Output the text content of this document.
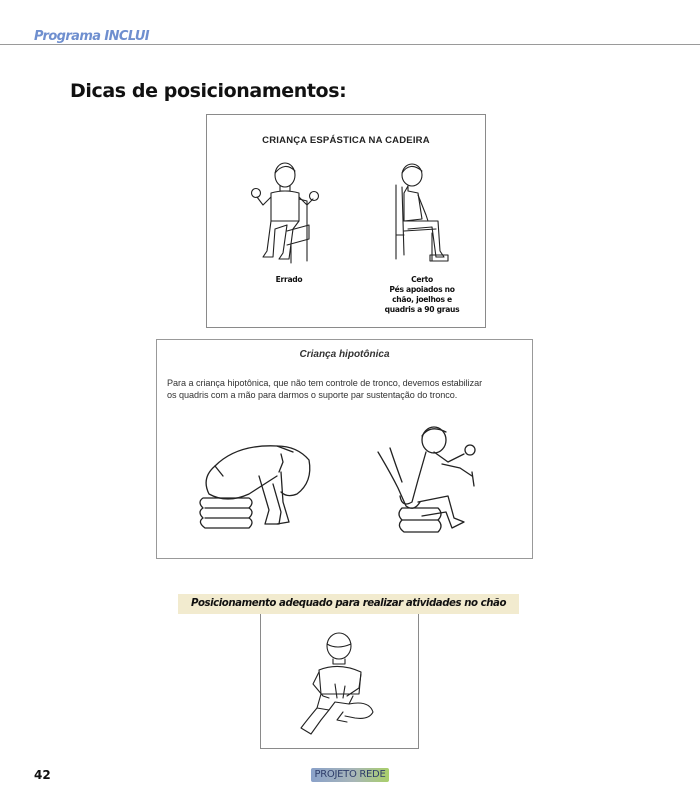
Programa INCLUI
Dicas de posicionamentos:
CRIANÇA ESPÁSTICA NA CADEIRA
Errado	Certo
Pés apoiados no
chão, joelhos e
quadris a 90 graus
Criança hipotônica
Para a criança hipotônica, que não tem controle de tronco, devemos estabilizar
os quadris com a mão para darmos o suporte par sustentação do tronco.
Posicionamento adequado para realizar atividades no chão
42	PROJETO REDE
